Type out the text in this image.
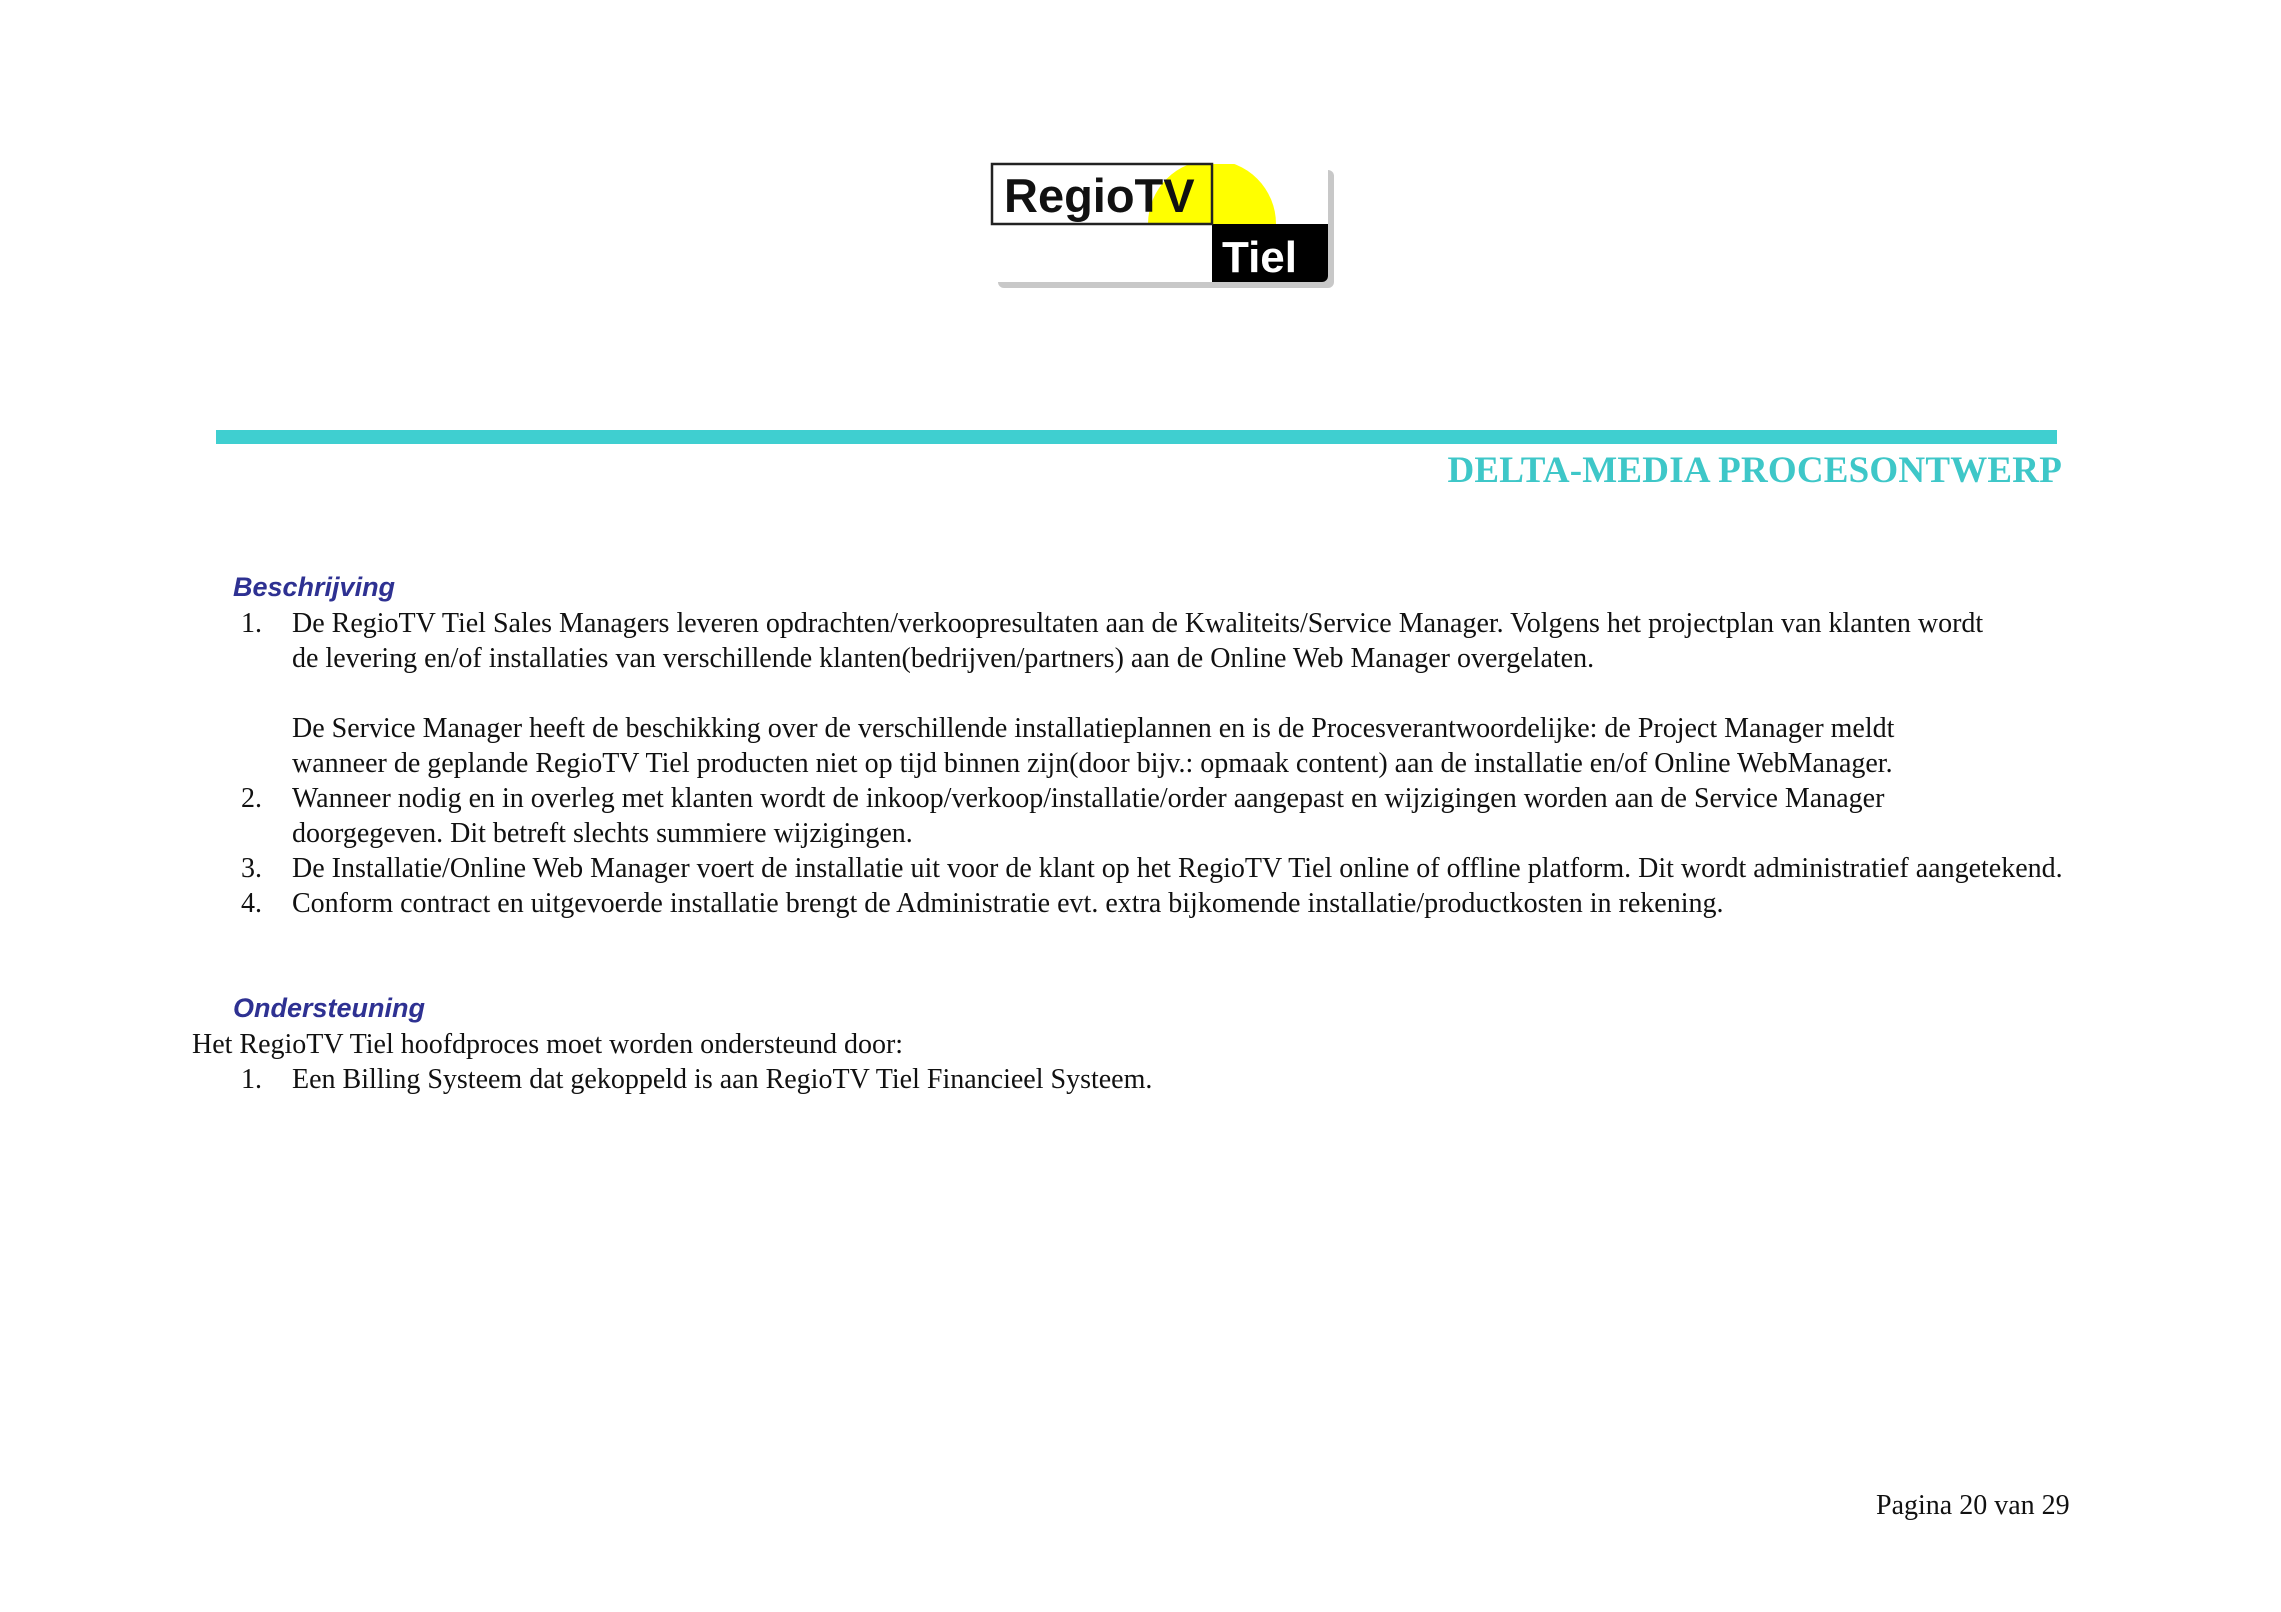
RegioTV
Tiel
DELTA-MEDIA PROCESONTWERP
Beschrijving
1. De RegioTV Tiel Sales Managers leveren opdrachten/verkoopresultaten aan de Kwaliteits/Service Manager. Volgens het projectplan van klanten wordt
de levering en/of installaties van verschillende klanten(bedrijven/partners) aan de Online Web Manager overgelaten.
De Service Manager heeft de beschikking over de verschillende installatieplannen en is de Procesverantwoordelijke: de Project Manager meldt
wanneer de geplande RegioTV Tiel producten niet op tijd binnen zijn(door bijv.: opmaak content) aan de installatie en/of Online WebManager.
2. Wanneer nodig en in overleg met klanten wordt de inkoop/verkoop/installatie/order aangepast en wijzigingen worden aan de Service Manager
doorgegeven. Dit betreft slechts summiere wijzigingen.
3. De Installatie/Online Web Manager voert de installatie uit voor de klant op het RegioTV Tiel online of offline platform. Dit wordt administratief aangetekend.
4. Conform contract en uitgevoerde installatie brengt de Administratie evt. extra bijkomende installatie/productkosten in rekening.
Ondersteuning
Het RegioTV Tiel hoofdproces moet worden ondersteund door:
1. Een Billing Systeem dat gekoppeld is aan RegioTV Tiel Financieel Systeem.
Pagina 20 van 29
